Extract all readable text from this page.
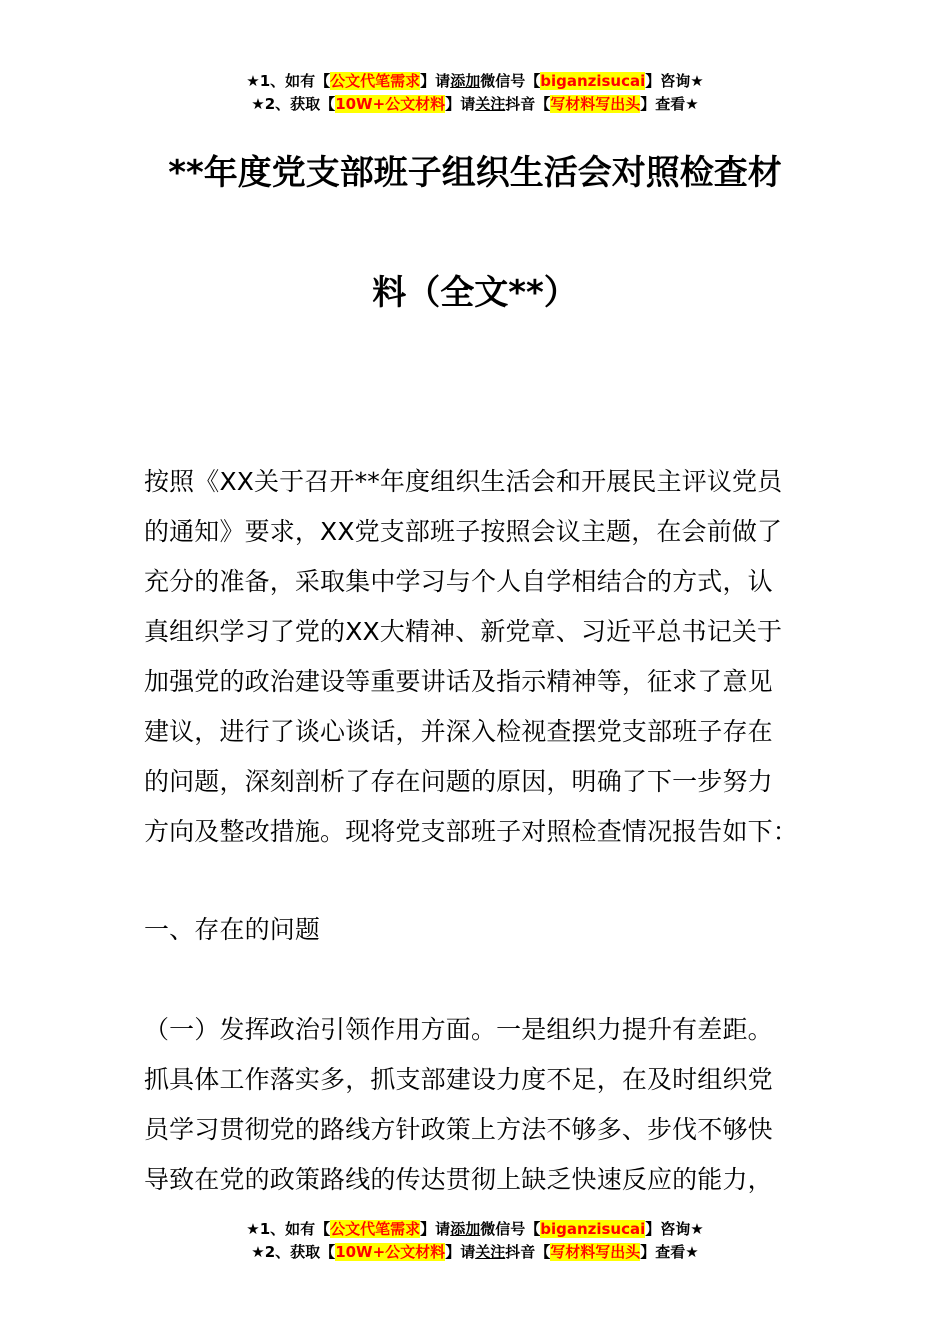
★1、如有【公文代笔需求】请添加微信号【biganzisucai】咨询★
★2、获取【10W+公文材料】请关注抖音【写材料写出头】查看★
**年度党支部班子组织生活会对照检查材
料（全文**）
按照《XX关于召开**年度组织生活会和开展民主评议党员
的通知》要求，XX党支部班子按照会议主题，在会前做了
充分的准备，采取集中学习与个人自学相结合的方式，认
真组织学习了党的XX大精神、新党章、习近平总书记关于
加强党的政治建设等重要讲话及指示精神等，征求了意见
建议，进行了谈心谈话，并深入检视查摆党支部班子存在
的问题，深刻剖析了存在问题的原因，明确了下一步努力
方向及整改措施。现将党支部班子对照检查情况报告如下：
一、存在的问题
（一）发挥政治引领作用方面。一是组织力提升有差距。
抓具体工作落实多，抓支部建设力度不足，在及时组织党
员学习贯彻党的路线方针政策上方法不够多、步伐不够快
导致在党的政策路线的传达贯彻上缺乏快速反应的能力，
★1、如有【公文代笔需求】请添加微信号【biganzisucai】咨询★
★2、获取【10W+公文材料】请关注抖音【写材料写出头】查看★
